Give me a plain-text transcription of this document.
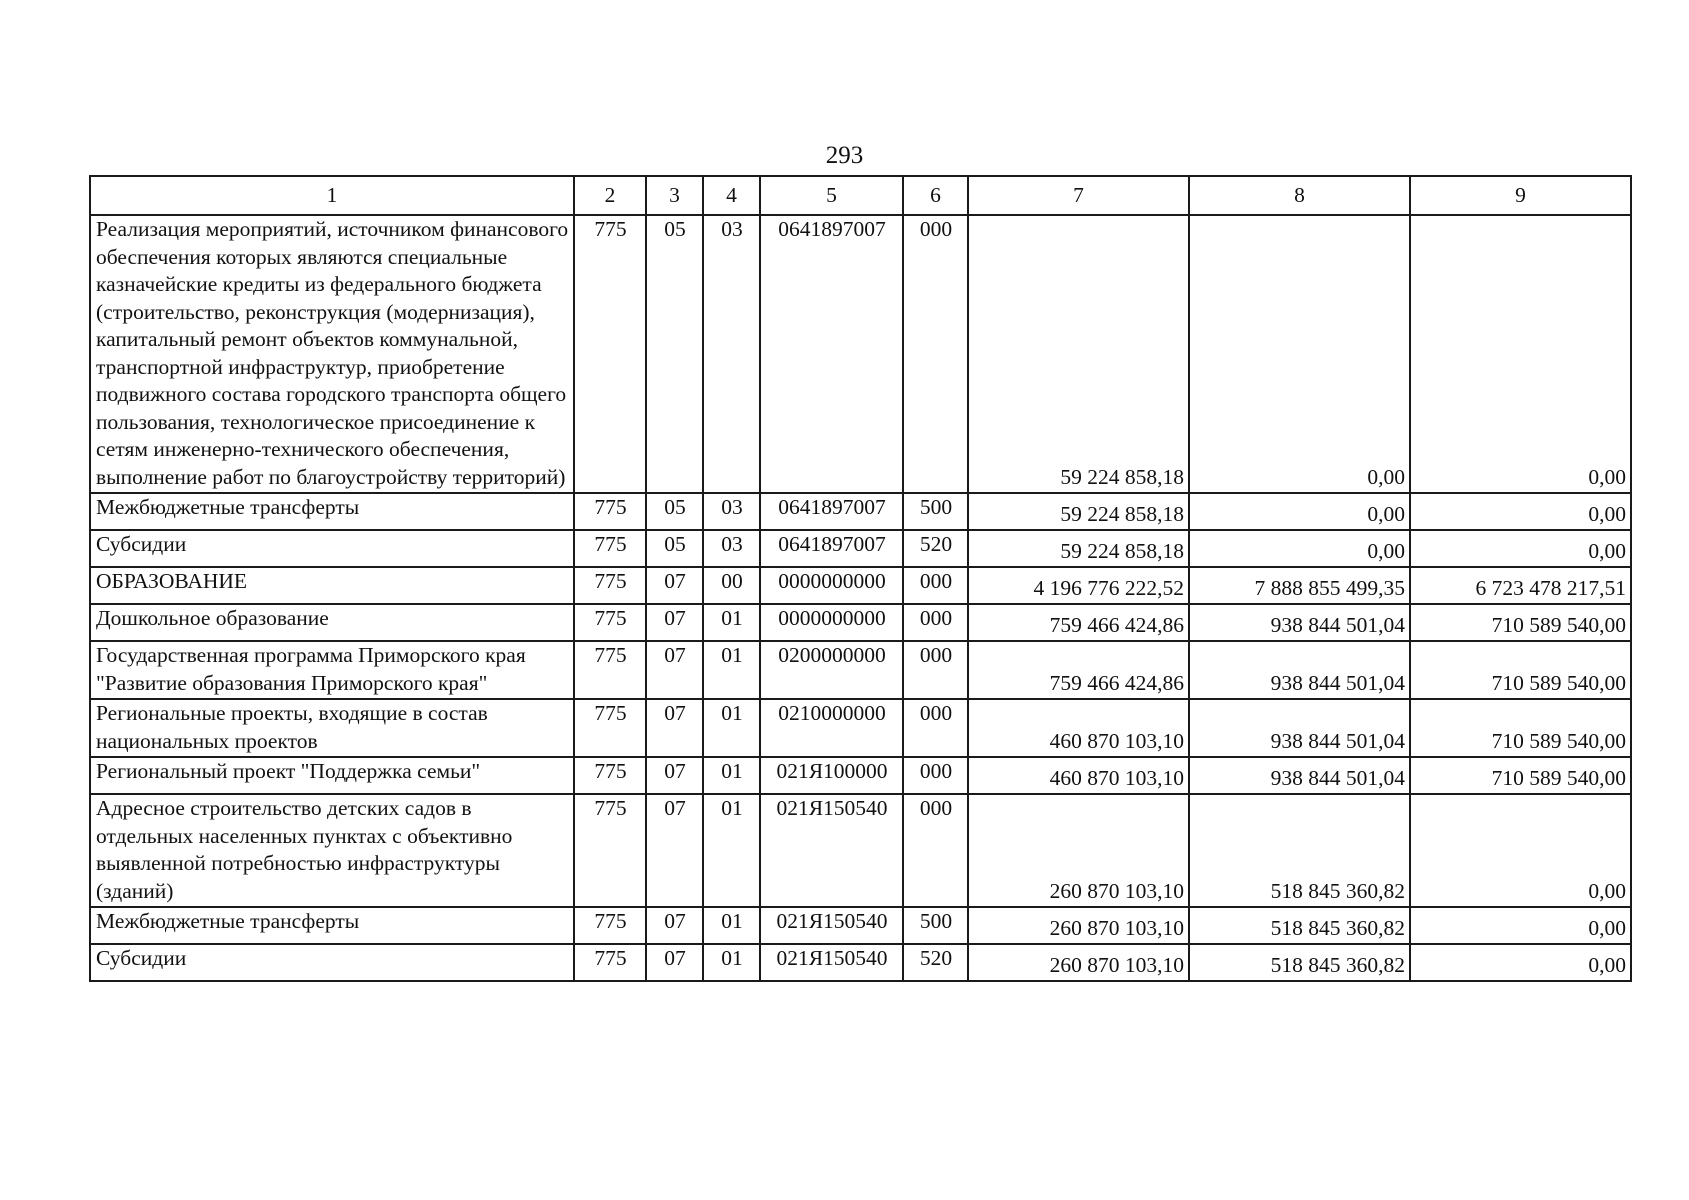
293
1	2	3	4	5	6	7	8	9
Реализация мероприятий, источником финансового обеспечения которых являются специальные казначейские кредиты из федерального бюджета (строительство, реконструкция (модернизация), капитальный ремонт объектов коммунальной, транспортной инфраструктур, приобретение подвижного состава городского транспорта общего пользования, технологическое присоединение к сетям инженерно-технического обеспечения, выполнение работ по благоустройству территорий)	775	05	03	0641897007	000	59 224 858,18	0,00	0,00
Межбюджетные трансферты	775	05	03	0641897007	500	59 224 858,18	0,00	0,00
Субсидии	775	05	03	0641897007	520	59 224 858,18	0,00	0,00
ОБРАЗОВАНИЕ	775	07	00	0000000000	000	4 196 776 222,52	7 888 855 499,35	6 723 478 217,51
Дошкольное образование	775	07	01	0000000000	000	759 466 424,86	938 844 501,04	710 589 540,00
Государственная программа Приморского края "Развитие образования Приморского края"	775	07	01	0200000000	000	759 466 424,86	938 844 501,04	710 589 540,00
Региональные проекты, входящие в состав национальных проектов	775	07	01	0210000000	000	460 870 103,10	938 844 501,04	710 589 540,00
Региональный проект "Поддержка семьи"	775	07	01	021Я100000	000	460 870 103,10	938 844 501,04	710 589 540,00
Адресное строительство детских садов в отдельных населенных пунктах с объективно выявленной потребностью инфраструктуры (зданий)	775	07	01	021Я150540	000	260 870 103,10	518 845 360,82	0,00
Межбюджетные трансферты	775	07	01	021Я150540	500	260 870 103,10	518 845 360,82	0,00
Субсидии	775	07	01	021Я150540	520	260 870 103,10	518 845 360,82	0,00
